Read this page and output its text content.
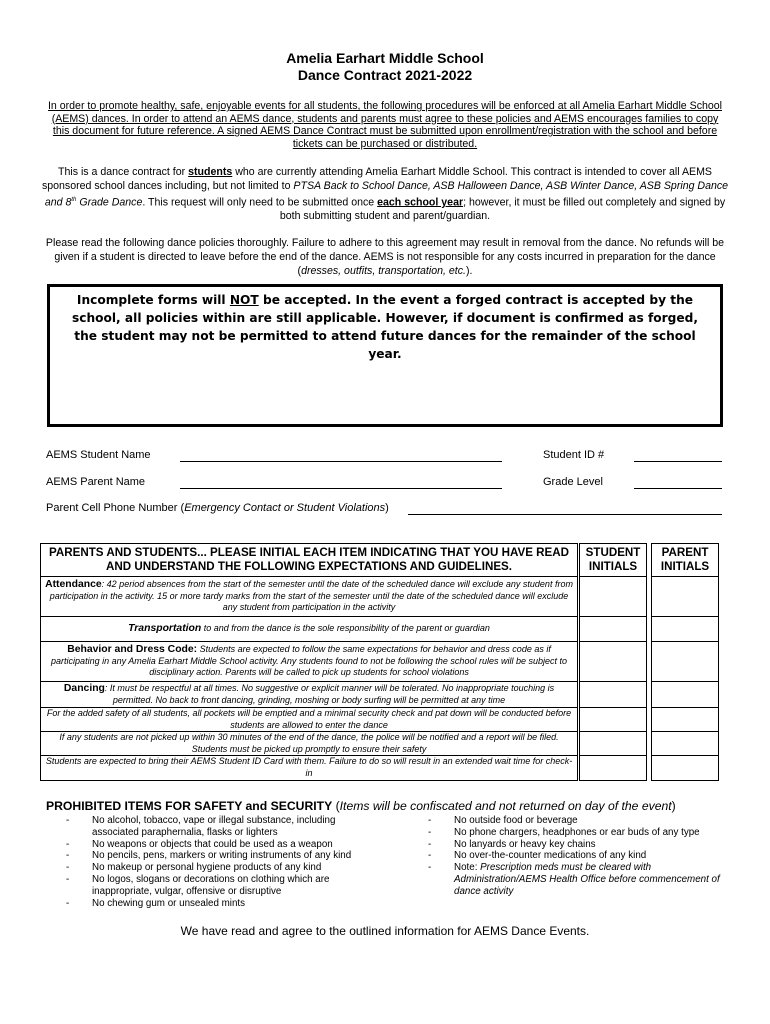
Amelia Earhart Middle School
Dance Contract 2021-2022
In order to promote healthy, safe, enjoyable events for all students, the following procedures will be enforced at all Amelia Earhart Middle School (AEMS) dances. In order to attend an AEMS dance, students and parents must agree to these policies and AEMS encourages families to copy this document for future reference. A signed AEMS Dance Contract must be submitted upon enrollment/registration with the school and before tickets can be purchased or distributed.
This is a dance contract for students who are currently attending Amelia Earhart Middle School. This contract is intended to cover all AEMS sponsored school dances including, but not limited to PTSA Back to School Dance, ASB Halloween Dance, ASB Winter Dance, ASB Spring Dance and 8th Grade Dance. This request will only need to be submitted once each school year; however, it must be filled out completely and signed by both submitting student and parent/guardian.
Please read the following dance policies thoroughly. Failure to adhere to this agreement may result in removal from the dance. No refunds will be given if a student is directed to leave before the end of the dance. AEMS is not responsible for any costs incurred in preparation for the dance (dresses, outfits, transportation, etc.).
Incomplete forms will NOT be accepted. In the event a forged contract is accepted by the school, all policies within are still applicable. However, if document is confirmed as forged, the student may not be permitted to attend future dances for the remainder of the school year.
AEMS Student Name	Student ID #
AEMS Parent Name	Grade Level
Parent Cell Phone Number (Emergency Contact or Student Violations)
PARENTS AND STUDENTS... PLEASE INITIAL EACH ITEM INDICATING THAT YOU HAVE READ AND UNDERSTAND THE FOLLOWING EXPECTATIONS AND GUIDELINES.		STUDENT INITIALS		PARENT INITIALS
Attendance: 42 period absences from the start of the semester until the date of the scheduled dance will exclude any student from participation in the activity. 15 or more tardy marks from the start of the semester until the date of the scheduled dance will exclude any student from participation in the activity				
Transportation to and from the dance is the sole responsibility of the parent or guardian				
Behavior and Dress Code: Students are expected to follow the same expectations for behavior and dress code as if participating in any Amelia Earhart Middle School activity. Any students found to not be following the school rules will be subject to disciplinary action. Parents will be called to pick up students for school violations				
Dancing: It must be respectful at all times. No suggestive or explicit manner will be tolerated. No inappropriate touching is permitted. No back to front dancing, grinding, moshing or body surfing will be permitted at any time				
For the added safety of all students, all pockets will be emptied and a minimal security check and pat down will be conducted before students are allowed to enter the dance				
If any students are not picked up within 30 minutes of the end of the dance, the police will be notified and a report will be filed. Students must be picked up promptly to ensure their safety				
Students are expected to bring their AEMS Student ID Card with them. Failure to do so will result in an extended wait time for check-in				
PROHIBITED ITEMS FOR SAFETY and SECURITY (Items will be confiscated and not returned on day of the event)
- No alcohol, tobacco, vape or illegal substance, including associated paraphernalia, flasks or lighters
- No weapons or objects that could be used as a weapon
- No pencils, pens, markers or writing instruments of any kind
- No makeup or personal hygiene products of any kind
- No logos, slogans or decorations on clothing which are inappropriate, vulgar, offensive or disruptive
- No chewing gum or unsealed mints
- No outside food or beverage
- No phone chargers, headphones or ear buds of any type
- No lanyards or heavy key chains
- No over-the-counter medications of any kind
- Note: Prescription meds must be cleared with Administration/AEMS Health Office before commencement of dance activity
We have read and agree to the outlined information for AEMS Dance Events.
